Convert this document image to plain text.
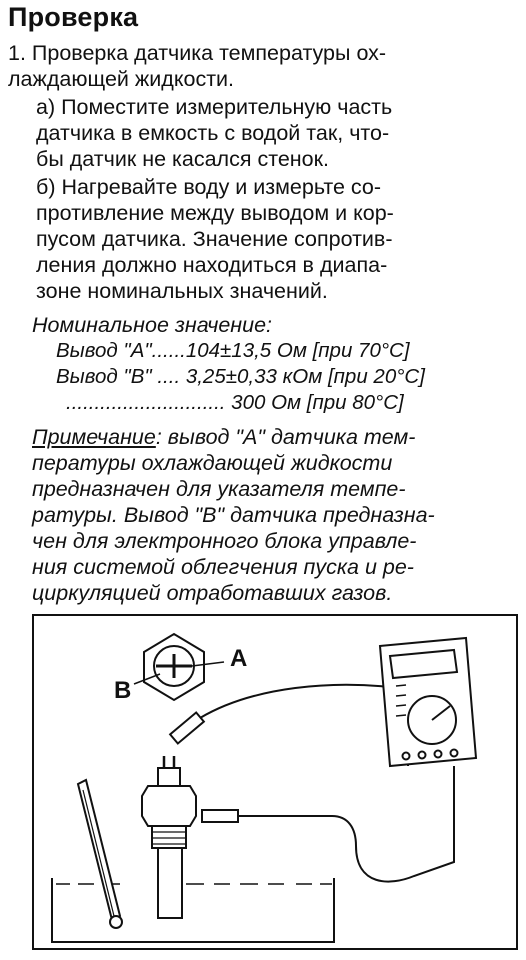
Проверка
1. Проверка датчика температуры ох-
лаждающей жидкости.
а) Поместите измерительную часть
датчика в емкость с водой так, что-
бы датчик не касался стенок.
б) Нагревайте воду и измерьте со-
противление между выводом и кор-
пусом датчика. Значение сопротив-
ления должно находиться в диапа-
зоне номинальных значений.
Номинальное значение:
Вывод "А"......104±13,5 Ом [при 70°С]
Вывод "В" .... 3,25±0,33 кОм [при 20°С]
............................ 300 Ом [при 80°С]
Примечание: вывод "А" датчика тем-
пературы охлаждающей жидкости
предназначен для указателя темпе-
ратуры. Вывод "В" датчика предназна-
чен для электронного блока управле-
ния системой облегчения пуска и ре-
циркуляцией отработавших газов.
A
B
